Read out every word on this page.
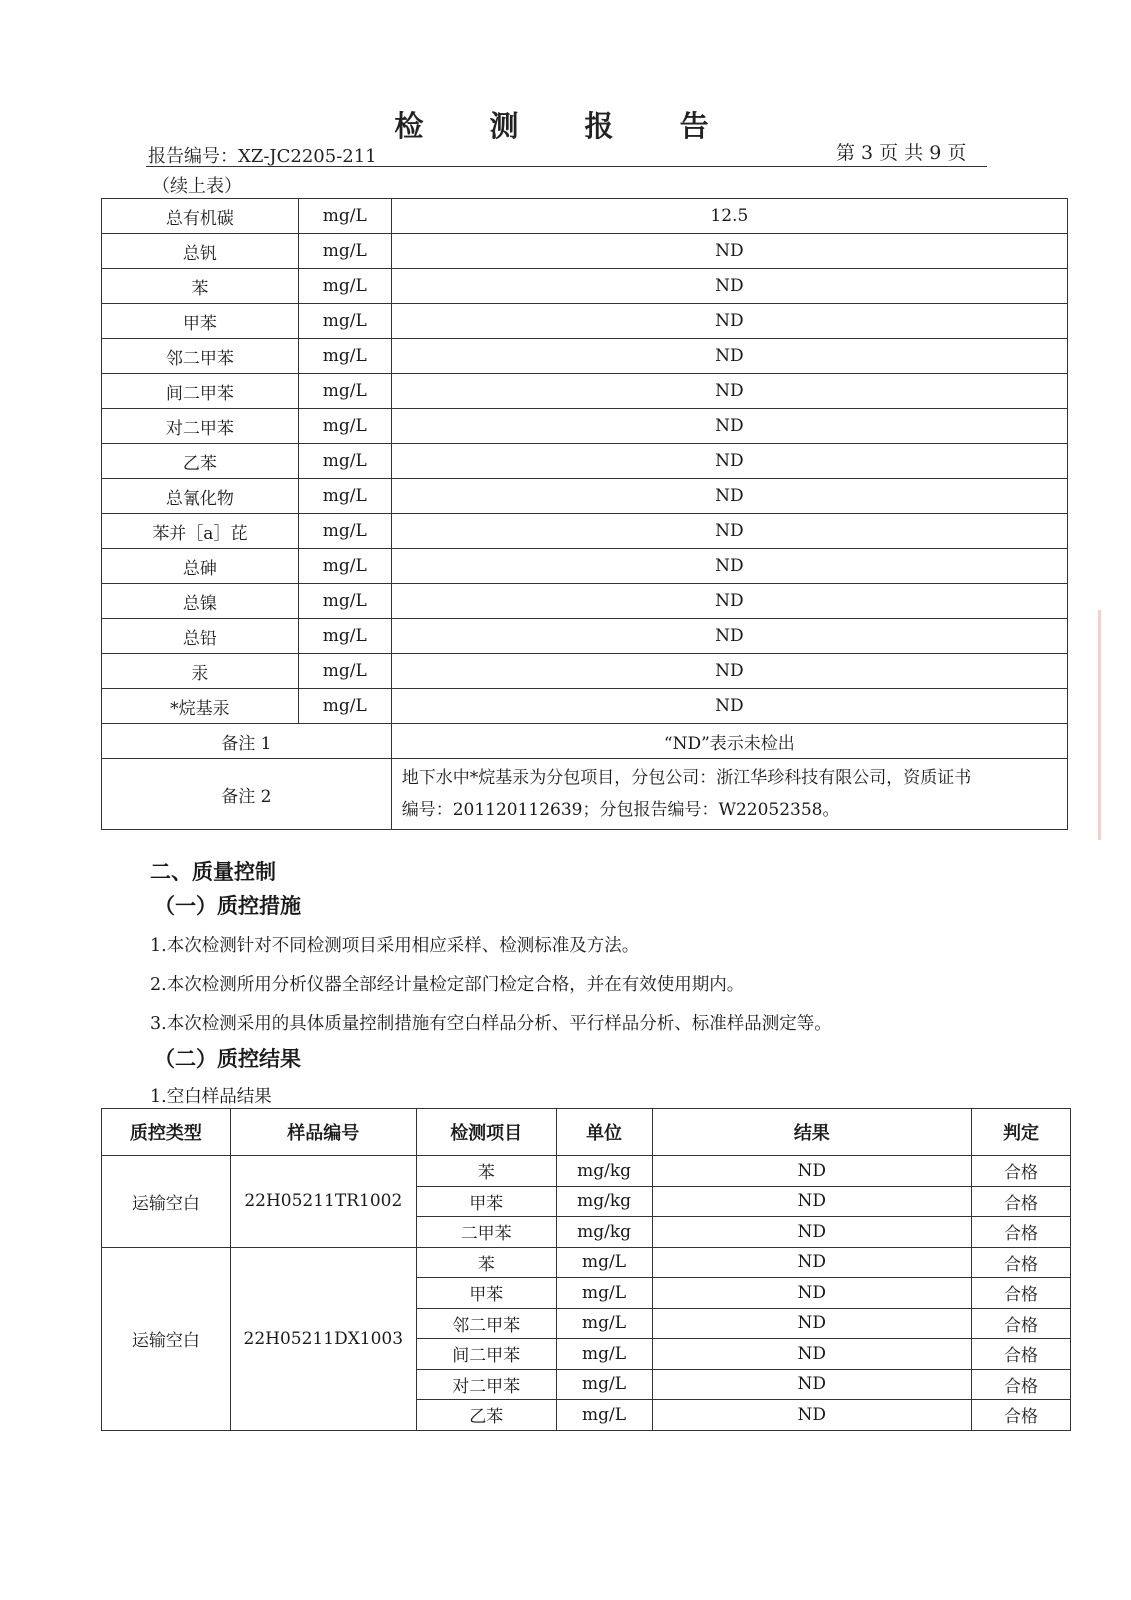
检 测 报 告
报告编号：XZ-JC2205-211	第 3 页 共 9 页
（续上表）
总有机碳	mg/L	12.5
总钒	mg/L	ND
苯	mg/L	ND
甲苯	mg/L	ND
邻二甲苯	mg/L	ND
间二甲苯	mg/L	ND
对二甲苯	mg/L	ND
乙苯	mg/L	ND
总氰化物	mg/L	ND
苯并［a］芘	mg/L	ND
总砷	mg/L	ND
总镍	mg/L	ND
总铅	mg/L	ND
汞	mg/L	ND
*烷基汞	mg/L	ND
备注 1		“ND”表示未检出
备注 2		地下水中*烷基汞为分包项目，分包公司：浙江华珍科技有限公司，资质证书
编号：201120112639；分包报告编号：W22052358。
二、质量控制
（一）质控措施
1.本次检测针对不同检测项目采用相应采样、检测标准及方法。
2.本次检测所用分析仪器全部经计量检定部门检定合格，并在有效使用期内。
3.本次检测采用的具体质量控制措施有空白样品分析、平行样品分析、标准样品测定等。
（二）质控结果
1.空白样品结果
质控类型	样品编号	检测项目	单位	结果	判定
运输空白	22H05211TR1002	苯	mg/kg	ND	合格
		甲苯	mg/kg	ND	合格
		二甲苯	mg/kg	ND	合格
运输空白	22H05211DX1003	苯	mg/L	ND	合格
		甲苯	mg/L	ND	合格
		邻二甲苯	mg/L	ND	合格
		间二甲苯	mg/L	ND	合格
		对二甲苯	mg/L	ND	合格
		乙苯	mg/L	ND	合格
